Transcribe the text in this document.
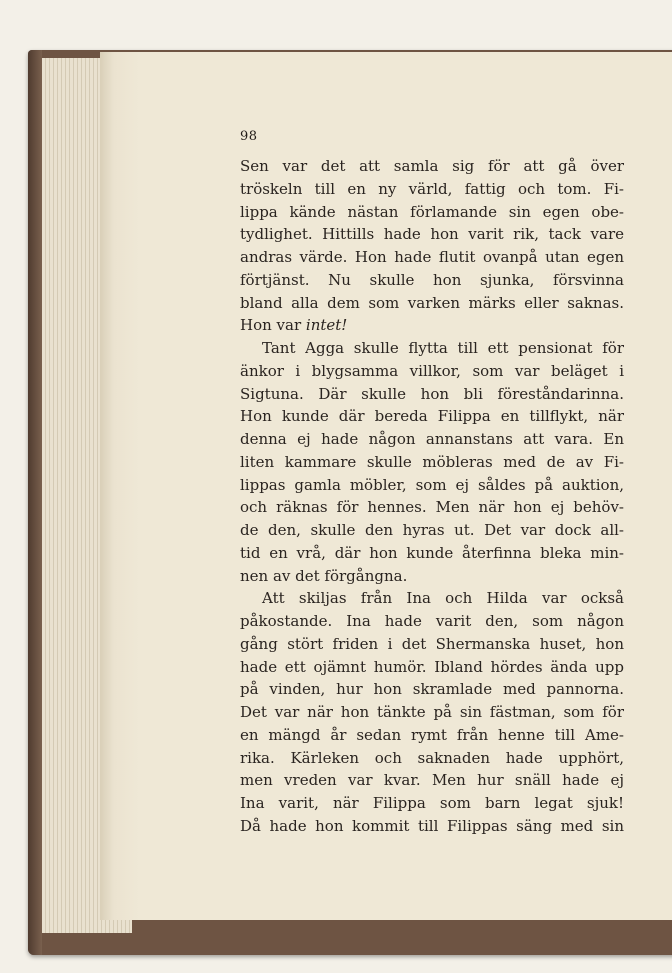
98
Sen var det att samla sig för att gå över
tröskeln till en ny värld, fattig och tom. Fi-
lippa kände nästan förlamande sin egen obe-
tydlighet. Hittills hade hon varit rik, tack vare
andras värde. Hon hade flutit ovanpå utan egen
förtjänst. Nu skulle hon sjunka, försvinna
bland alla dem som varken märks eller saknas.
Hon var intet!
Tant Agga skulle flytta till ett pensionat för
änkor i blygsamma villkor, som var beläget i
Sigtuna. Där skulle hon bli föreståndarinna.
Hon kunde där bereda Filippa en tillflykt, när
denna ej hade någon annanstans att vara. En
liten kammare skulle möbleras med de av Fi-
lippas gamla möbler, som ej såldes på auktion,
och räknas för hennes. Men när hon ej behöv-
de den, skulle den hyras ut. Det var dock all-
tid en vrå, där hon kunde återfinna bleka min-
nen av det förgångna.
Att skiljas från Ina och Hilda var också
påkostande. Ina hade varit den, som någon
gång stört friden i det Shermanska huset, hon
hade ett ojämnt humör. Ibland hördes ända upp
på vinden, hur hon skramlade med pannorna.
Det var när hon tänkte på sin fästman, som för
en mängd år sedan rymt från henne till Ame-
rika. Kärleken och saknaden hade upphört,
men vreden var kvar. Men hur snäll hade ej
Ina varit, när Filippa som barn legat sjuk!
Då hade hon kommit till Filippas säng med sin
